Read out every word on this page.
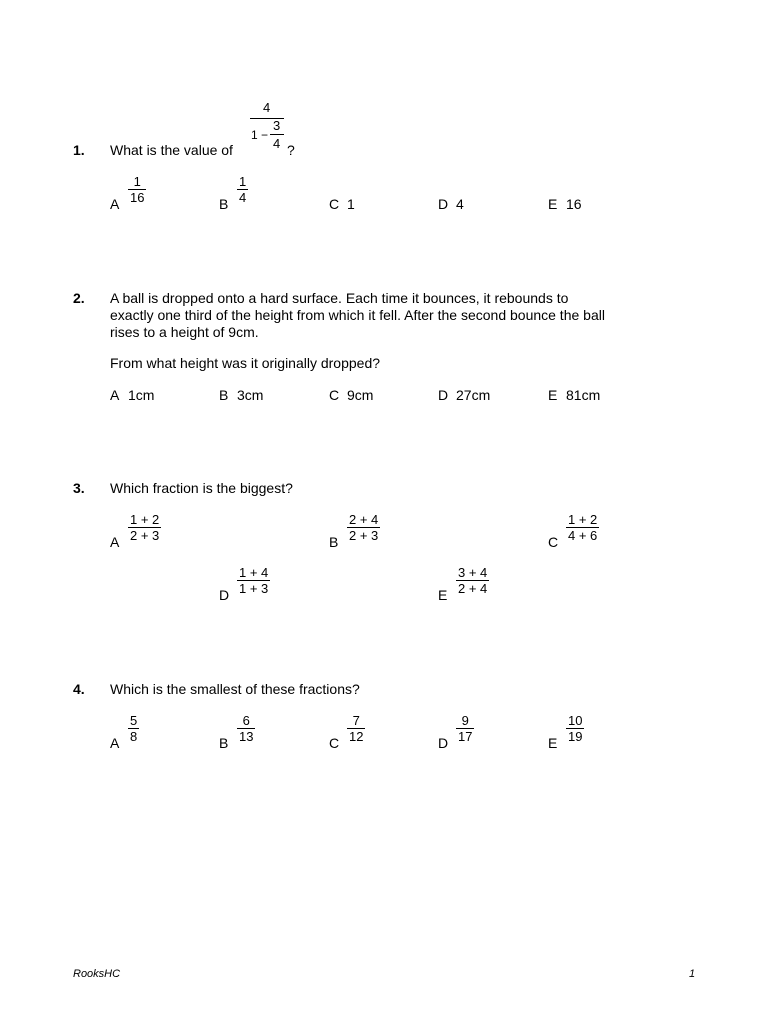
1. What is the value of
4
1 −
3
4 ?
A $\frac{1}{16}$	B $\frac{1}{4}$	C 1	D 4	E 16
2. A ball is dropped onto a hard surface. Each time it bounces, it rebounds to
exactly one third of the height from which it fell. After the second bounce the ball
rises to a height of 9cm.
From what height was it originally dropped?
A 1cm	B 3cm	C 9cm	D 27cm	E 81cm
3. Which fraction is the biggest?
A $\frac{1 + 2}{2 + 3}$	B $\frac{2 + 4}{2 + 3}$	C $\frac{1 + 2}{4 + 6}$
D $\frac{1 + 4}{1 + 3}$	E $\frac{3 + 4}{2 + 4}$
4. Which is the smallest of these fractions?
A $\frac{5}{8}$	B $\frac{6}{13}$	C $\frac{7}{12}$	D $\frac{9}{17}$	E $\frac{10}{19}$
RooksHC	1
